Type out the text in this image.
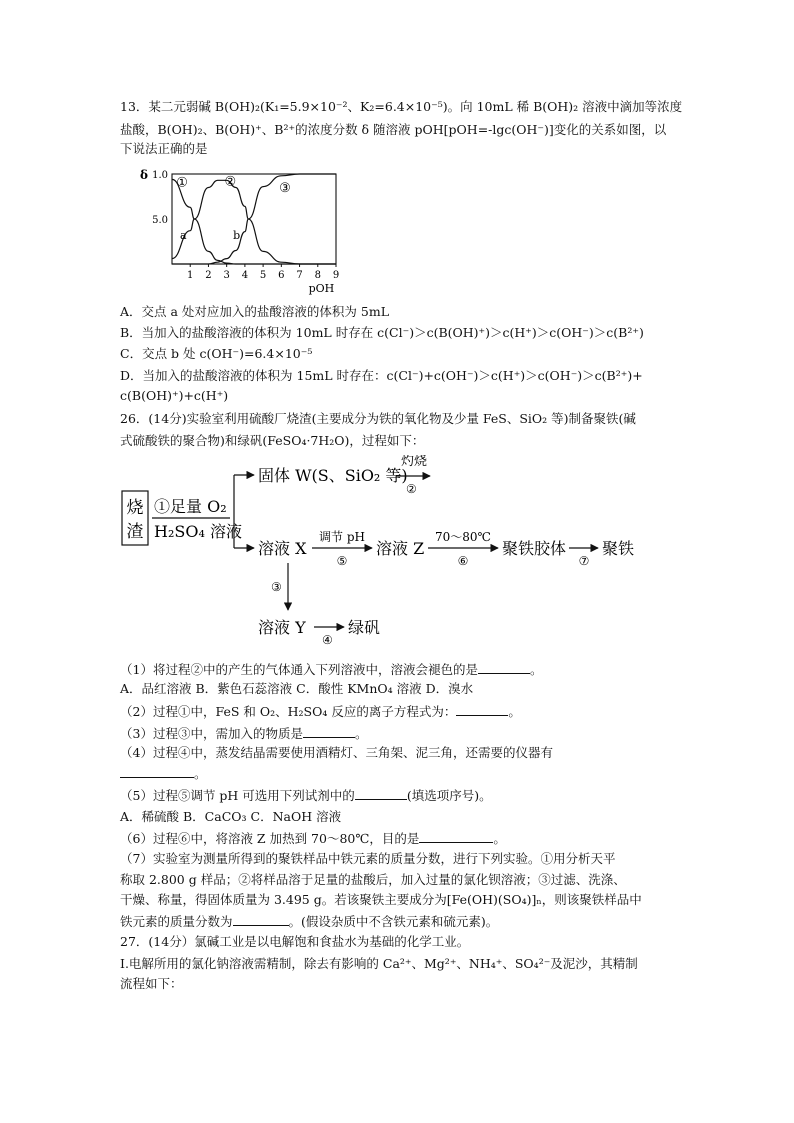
13．某二元弱碱 B(OH)₂(K₁=5.9×10⁻²、K₂=6.4×10⁻⁵)。向 10mL 稀 B(OH)₂ 溶液中滴加等浓度
盐酸，B(OH)₂、B(OH)⁺、B²⁺的浓度分数 δ 随溶液 pOH[pOH=-lgc(OH⁻)]变化的关系如图，以
下说法正确的是
δ 1.0
5.0
1 2 3 4 5 6 7 8 9
pOH
①	②	③
a	b
A．交点 a 处对应加入的盐酸溶液的体积为 5mL
B．当加入的盐酸溶液的体积为 10mL 时存在 c(Cl⁻)＞c(B(OH)⁺)＞c(H⁺)＞c(OH⁻)＞c(B²⁺)
C．交点 b 处 c(OH⁻)=6.4×10⁻⁵
D．当加入的盐酸溶液的体积为 15mL 时存在：c(Cl⁻)+c(OH⁻)＞c(H⁺)＞c(OH⁻)＞c(B²⁺)+
c(B(OH)⁺)+c(H⁺)
26．(14分)实验室利用硫酸厂烧渣(主要成分为铁的氧化物及少量 FeS、SiO₂ 等)制备聚铁(碱
式硫酸铁的聚合物)和绿矾(FeSO₄·7H₂O)，过程如下：
烧
渣
①足量 O₂
H₂SO₄ 溶液
固体 W(S、SiO₂ 等)
灼烧
②
溶液 X
调节 pH
⑤
溶液 Z
70～80℃
⑥
聚铁胶体
⑦
聚铁
③
溶液 Y
④
绿矾
（1）将过程②中的产生的气体通入下列溶液中，溶液会褪色的是	。
A．品红溶液 B．紫色石蕊溶液 C．酸性 KMnO₄ 溶液 D．溴水
（2）过程①中，FeS 和 O₂、H₂SO₄ 反应的离子方程式为：	。
（3）过程③中，需加入的物质是	。
（4）过程④中，蒸发结晶需要使用酒精灯、三角架、泥三角，还需要的仪器有
。
（5）过程⑤调节 pH 可选用下列试剂中的	(填选项序号)。
A．稀硫酸 B．CaCO₃ C．NaOH 溶液
（6）过程⑥中，将溶液 Z 加热到 70～80℃，目的是	。
（7）实验室为测量所得到的聚铁样品中铁元素的质量分数，进行下列实验。①用分析天平
称取 2.800 g 样品；②将样品溶于足量的盐酸后，加入过量的氯化钡溶液；③过滤、洗涤、
干燥、称量，得固体质量为 3.495 g。若该聚铁主要成分为[Fe(OH)(SO₄)]ₙ，则该聚铁样品中
铁元素的质量分数为	。(假设杂质中不含铁元素和硫元素)。
27．(14分）氯碱工业是以电解饱和食盐水为基础的化学工业。
I.电解所用的氯化钠溶液需精制，除去有影响的 Ca²⁺、Mg²⁺、NH₄⁺、SO₄²⁻及泥沙，其精制
流程如下：
